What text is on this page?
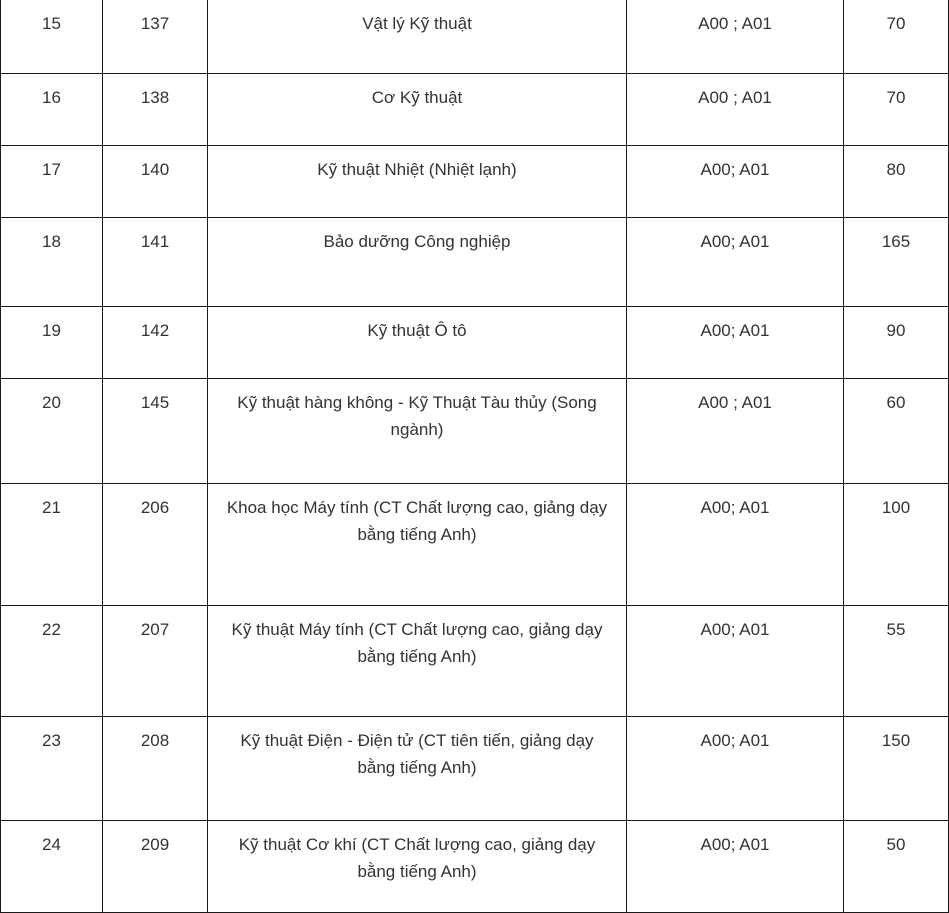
15	137	Vật lý Kỹ thuật	A00 ; A01	70
16	138	Cơ Kỹ thuật	A00 ; A01	70
17	140	Kỹ thuật Nhiệt (Nhiệt lạnh)	A00; A01	80
18	141	Bảo dưỡng Công nghiệp	A00; A01	165
19	142	Kỹ thuật Ô tô	A00; A01	90
20	145	Kỹ thuật hàng không - Kỹ Thuật Tàu thủy (Song ngành)	A00 ; A01	60
21	206	Khoa học Máy tính (CT Chất lượng cao, giảng dạy bằng tiếng Anh)	A00; A01	100
22	207	Kỹ thuật Máy tính (CT Chất lượng cao, giảng dạy bằng tiếng Anh)	A00; A01	55
23	208	Kỹ thuật Điện - Điện tử (CT tiên tiến, giảng dạy bằng tiếng Anh)	A00; A01	150
24	209	Kỹ thuật Cơ khí (CT Chất lượng cao, giảng dạy bằng tiếng Anh)	A00; A01	50
